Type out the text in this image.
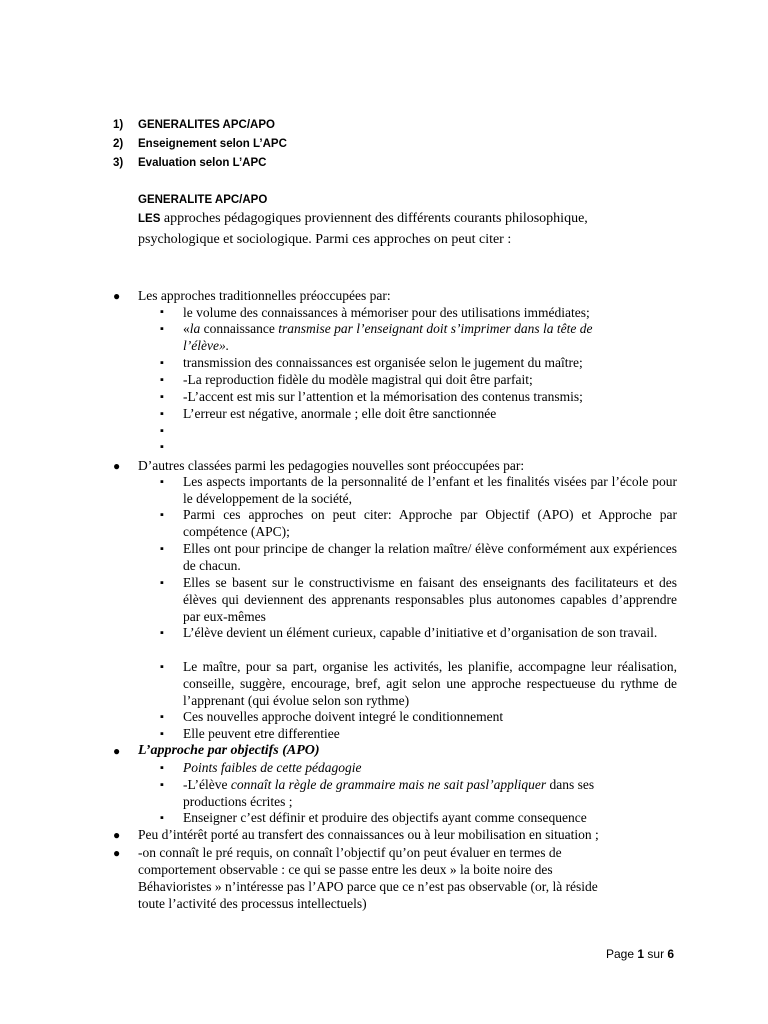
1) GENERALITES APC/APO
2) Enseignement selon L’APC
3) Evaluation selon L’APC
GENERALITE APC/APO
LES approches pédagogiques proviennent des différents courants philosophique,
psychologique et sociologique. Parmi ces approches on peut citer :
●	Les approches traditionnelles préoccupées par:
▪ le volume des connaissances à mémoriser pour des utilisations immédiates;
▪ «la connaissance transmise par l’enseignant doit s’imprimer dans la tête de
l’élève».
▪ transmission des connaissances est organisée selon le jugement du maître;
▪ -La reproduction fidèle du modèle magistral qui doit être parfait;
▪ -L’accent est mis sur l’attention et la mémorisation des contenus transmis;
▪ L’erreur est négative, anormale ; elle doit être sanctionnée
▪
▪
●	D’autres classées parmi les pedagogies nouvelles sont préoccupées par:
▪ Les aspects importants de la personnalité de l’enfant et les finalités visées par l’école pour le développement de la société,
▪ Parmi ces approches on peut citer: Approche par Objectif (APO) et Approche par compétence (APC);
▪ Elles ont pour principe de changer la relation maître/ élève conformément aux expériences de chacun.
▪ Elles se basent sur le constructivisme en faisant des enseignants des facilitateurs et des élèves qui deviennent des apprenants responsables plus autonomes capables d’apprendre par eux-mêmes
▪ L’élève devient un élément curieux, capable d’initiative et d’organisation de son travail.
▪ Le maître, pour sa part, organise les activités, les planifie, accompagne leur réalisation, conseille, suggère, encourage, bref, agit selon une approche respectueuse du rythme de l’apprenant (qui évolue selon son rythme)
▪ Ces nouvelles approche doivent integré le conditionnement
▪ Elle peuvent etre differentiee
●	L’approche par objectifs (APO)
▪ Points faibles de cette pédagogie
▪ -L’élève connaît la règle de grammaire mais ne sait pasl’appliquer dans ses
productions écrites ;
▪ Enseigner c’est définir et produire des objectifs ayant comme consequence
●	Peu d’intérêt porté au transfert des connaissances ou à leur mobilisation en situation ;
●	-on connaît le pré requis, on connaît l’objectif qu’on peut évaluer en termes de
comportement observable : ce qui se passe entre les deux » la boite noire des
Béhavioristes » n’intéresse pas l’APO parce que ce n’est pas observable (or, là réside
toute l’activité des processus intellectuels)
Page 1 sur 6
